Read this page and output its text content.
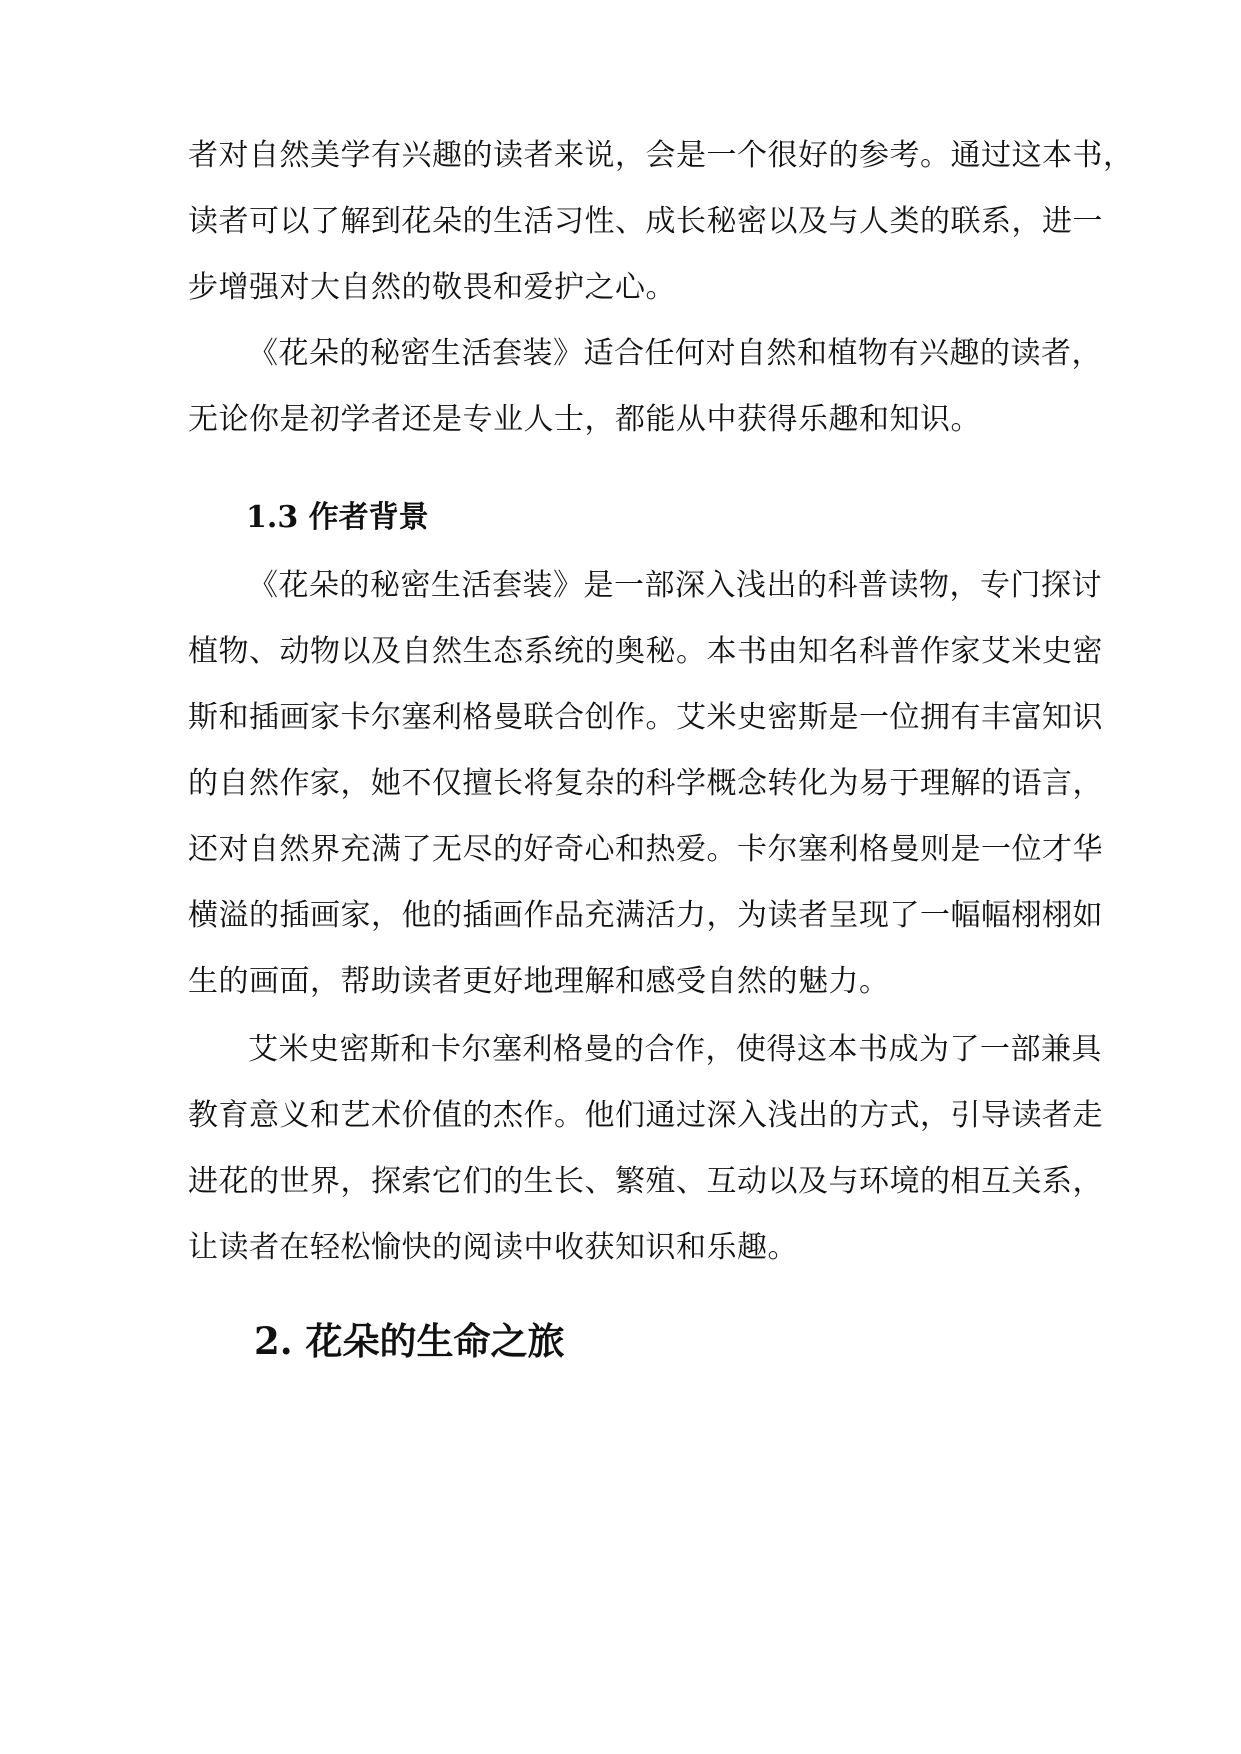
者对自然美学有兴趣的读者来说，会是一个很好的参考。通过这本书，
读者可以了解到花朵的生活习性、成长秘密以及与人类的联系，进一
步增强对大自然的敬畏和爱护之心。
《花朵的秘密生活套装》适合任何对自然和植物有兴趣的读者，
无论你是初学者还是专业人士，都能从中获得乐趣和知识。
1.3 作者背景
《花朵的秘密生活套装》是一部深入浅出的科普读物，专门探讨
植物、动物以及自然生态系统的奥秘。本书由知名科普作家艾米史密
斯和插画家卡尔塞利格曼联合创作。艾米史密斯是一位拥有丰富知识
的自然作家，她不仅擅长将复杂的科学概念转化为易于理解的语言，
还对自然界充满了无尽的好奇心和热爱。卡尔塞利格曼则是一位才华
横溢的插画家，他的插画作品充满活力，为读者呈现了一幅幅栩栩如
生的画面，帮助读者更好地理解和感受自然的魅力。
艾米史密斯和卡尔塞利格曼的合作，使得这本书成为了一部兼具
教育意义和艺术价值的杰作。他们通过深入浅出的方式，引导读者走
进花的世界，探索它们的生长、繁殖、互动以及与环境的相互关系，
让读者在轻松愉快的阅读中收获知识和乐趣。
2. 花朵的生命之旅
